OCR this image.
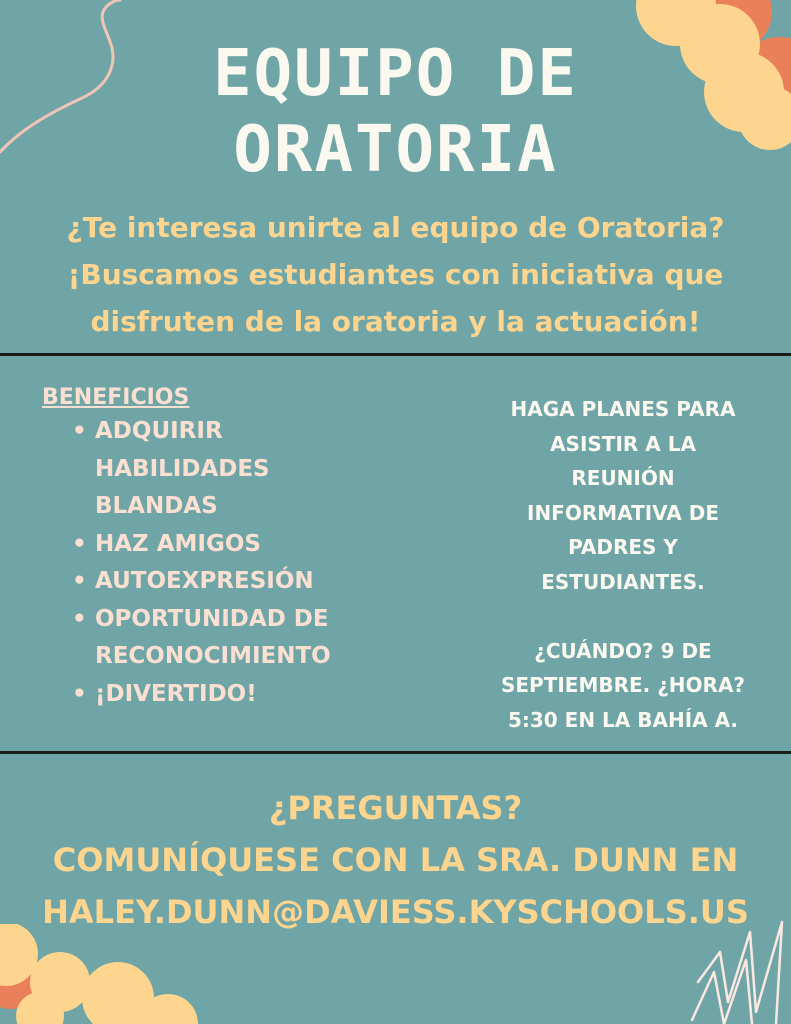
EQUIPO DE
ORATORIA
¿Te interesa unirte al equipo de Oratoria?
¡Buscamos estudiantes con iniciativa que
disfruten de la oratoria y la actuación!
BENEFICIOS
• ADQUIRIR
HABILIDADES
BLANDAS
• HAZ AMIGOS
• AUTOEXPRESIÓN
• OPORTUNIDAD DE
RECONOCIMIENTO
• ¡DIVERTIDO!
HAGA PLANES PARA
ASISTIR A LA
REUNIÓN
INFORMATIVA DE
PADRES Y
ESTUDIANTES.
¿CUÁNDO? 9 DE
SEPTIEMBRE. ¿HORA?
5:30 EN LA BAHÍA A.
¿PREGUNTAS?
COMUNÍQUESE CON LA SRA. DUNN EN
HALEY.DUNN@DAVIESS.KYSCHOOLS.US
